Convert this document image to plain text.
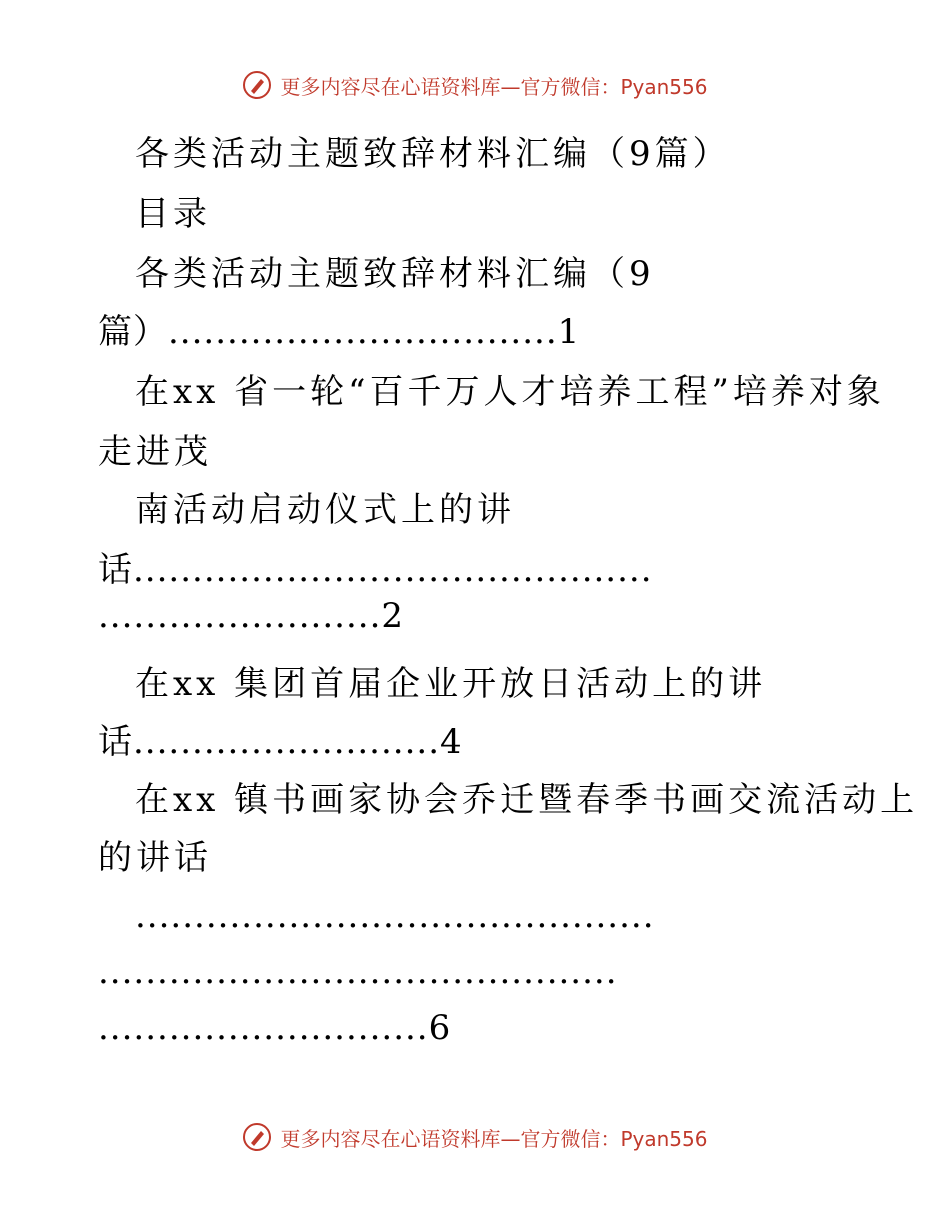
更多内容尽在心语资料库—官方微信：Pyan556
各类活动主题致辞材料汇编（9篇）
目录
各类活动主题致辞材料汇编（9
篇）.................................1
在xx 省一轮“百千万人才培养工程”培养对象
走进茂
南活动启动仪式上的讲
话............................................
........................2
在xx 集团首届企业开放日活动上的讲
话..........................4
在xx 镇书画家协会乔迁暨春季书画交流活动上
的讲话
............................................
............................................
............................6
更多内容尽在心语资料库—官方微信：Pyan556
